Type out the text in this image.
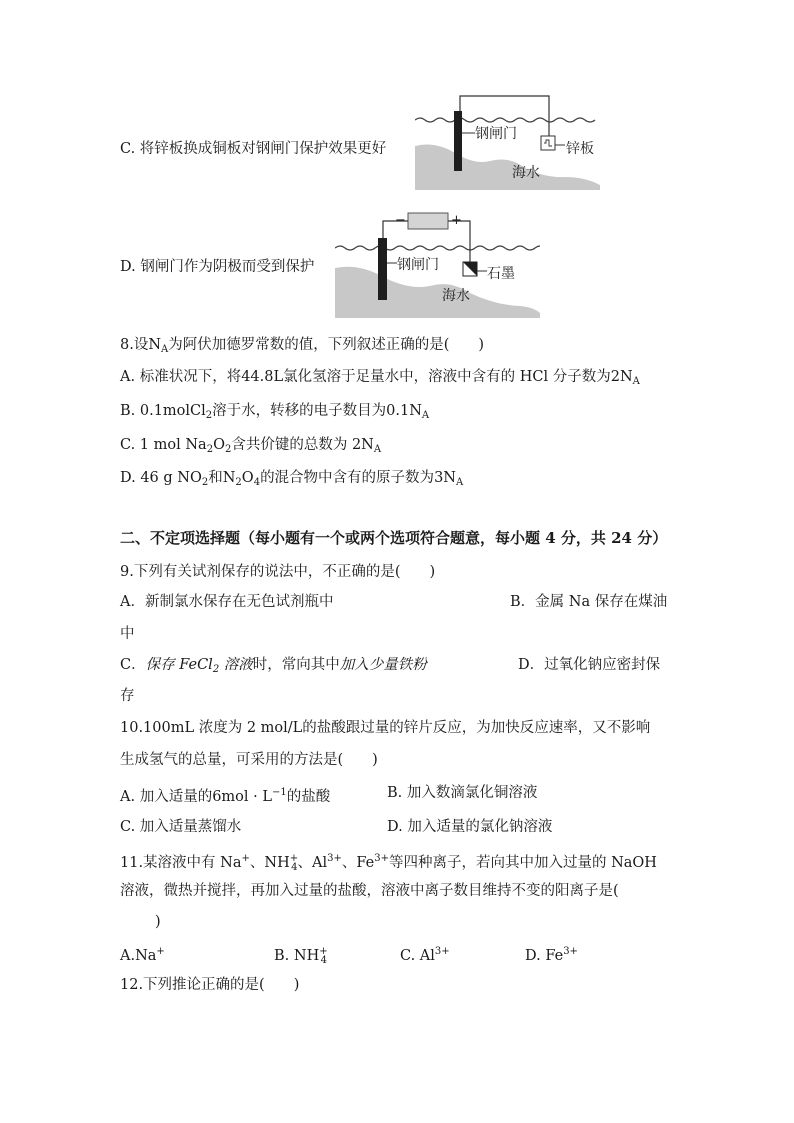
钢闸门
锌板
海水
C. 将锌板换成铜板对钢闸门保护效果更好
−	+
钢闸门
石墨
海水
D. 钢闸门作为阴极而受到保护
8.设$N_A$为阿伏加德罗常数的值，下列叙述正确的是(　　)
A. 标准状况下，将44.8L氯化氢溶于足量水中，溶液中含有的 HCl 分子数为$2N_A$
B. 0.1molCl$_2$溶于水，转移的电子数目为$0.1N_A$
C. 1 mol $Na_2O_2$含共价键的总数为 $2N_A$
D. 46 g $NO_2$和$N_2O_4$的混合物中含有的原子数为$3N_A$
二、不定项选择题（每小题有一个或两个选项符合题意，每小题 4 分，共 24 分）
9.下列有关试剂保存的说法中，不正确的是(　　)
A．新制氯水保存在无色试剂瓶中	B．金属 Na 保存在煤油
中
C．保存 FeCl$_2$ 溶液时，常向其中加入少量铁粉	D．过氧化钠应密封保
存
10.100mL 浓度为 2 mol/L的盐酸跟过量的锌片反应，为加快反应速率，又不影响
生成氢气的总量，可采用的方法是(　　)
A. 加入适量的$6mol \cdot L^{-1}$的盐酸	B. 加入数滴氯化铜溶液
C. 加入适量蒸馏水	D. 加入适量的氯化钠溶液
11.某溶液中有 Na+、$NH^+_4$、$Al^{3+}$、$Fe^{3+}$等四种离子，若向其中加入过量的 NaOH
溶液，微热并搅拌，再加入过量的盐酸，溶液中离子数目维持不变的阳离子是(
)
A.Na+	B. $NH^+_4$	C. $Al^{3+}$	D. $Fe^{3+}$
12.下列推论正确的是(　　)
